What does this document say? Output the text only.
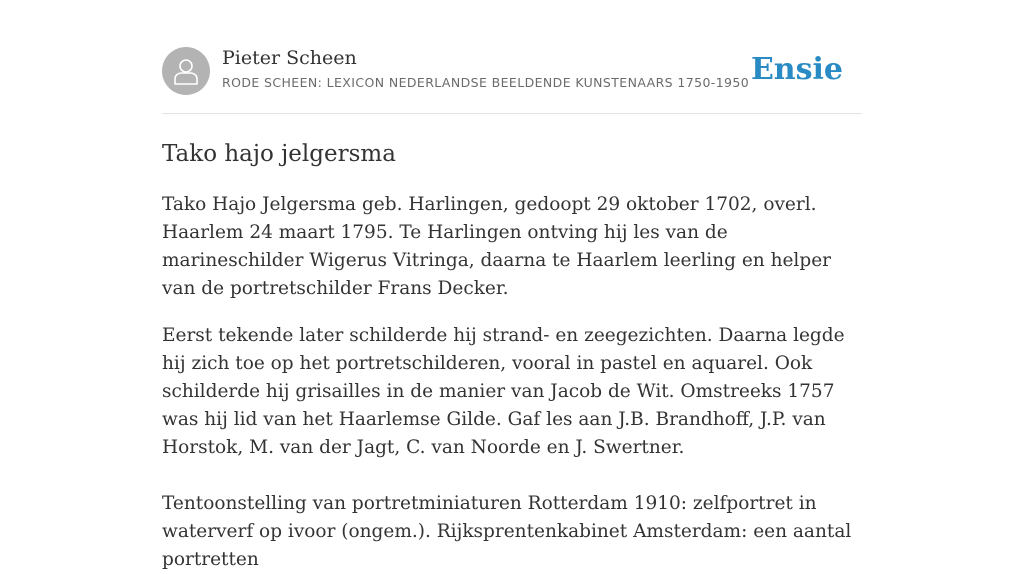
Pieter Scheen
RODE SCHEEN: LEXICON NEDERLANDSE BEELDENDE KUNSTENAARS 1750-1950 Ensie
Tako hajo jelgersma

Tako Hajo Jelgersma geb. Harlingen, gedoopt 29 oktober 1702, overl. Haarlem 24 maart 1795. Te Harlingen ontving hij les van de marineschilder Wigerus Vitringa, daarna te Haarlem leerling en helper van de portretschilder Frans Decker.

Eerst tekende later schilderde hij strand- en zeegezichten. Daarna legde hij zich toe op het portretschilderen, vooral in pastel en aquarel. Ook schilderde hij grisailles in de manier van Jacob de Wit. Omstreeks 1757 was hij lid van het Haarlemse Gilde. Gaf les aan J.B. Brandhoff, J.P. van Horstok, M. van der Jagt, C. van Noorde en J. Swertner.

Tentoonstelling van portretminiaturen Rotterdam 1910: zelfportret in waterverf op ivoor (ongem.). Rijksprentenkabinet Amsterdam: een aantal portretten
